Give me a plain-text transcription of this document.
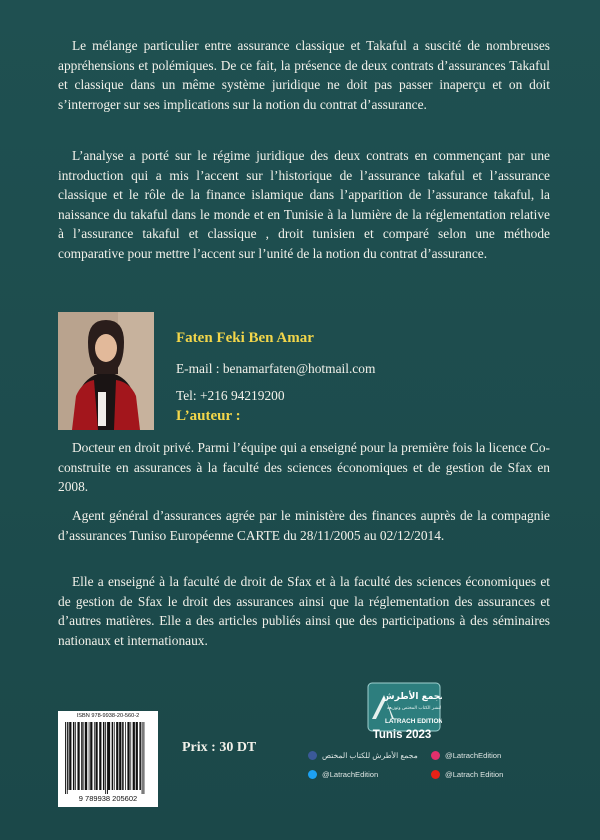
Le mélange particulier entre assurance classique et Takaful a suscité de nombreuses appréhensions et polémiques. De ce fait, la présence de deux contrats d’assurances Takaful et classique dans un même système juridique ne doit pas passer inaperçu et on doit s’interroger sur ses implications sur la notion du contrat d’assurance.

L’analyse a porté sur le régime juridique des deux contrats en commençant par une introduction qui a mis l’accent sur l’historique de l’assurance takaful et l’assurance classique et le rôle de la finance islamique dans l’apparition de l’assurance takaful, la naissance du takaful dans le monde et en Tunisie à la lumière de la réglementation relative à l’assurance takaful et classique , droit tunisien et comparé selon une méthode comparative pour mettre l’accent sur l’unité de la notion du contrat d’assurance.

Faten Feki Ben Amar
E-mail : benamarfaten@hotmail.com
Tel: +216 94219200
L’auteur :

Docteur en droit privé. Parmi l’équipe qui a enseigné pour la première fois la licence Co-construite en assurances à la faculté des sciences économiques et de gestion de Sfax en 2008.

Agent général d’assurances agrée par le ministère des finances auprès de la compagnie d’assurances Tuniso Européenne CARTE du 28/11/2005 au 02/12/2014.

Elle a enseigné à la faculté de droit de Sfax et à la faculté des sciences économiques et de gestion de Sfax le droit des assurances ainsi que la réglementation des assurances et d’autres matières. Elle a des articles publiés ainsi que des participations à des séminaires nationaux et internationaux.

ISBN 978-9938-20-560-2
9 789938 205602
Prix : 30 DT
مجمع الأطرش
لنشر الكتاب المختص وتوزيعه
LATRACH EDITION
Tunis 2023
مجمع الأطرش للكتاب المختص	@LatrachEdition
@LatrachEdition	@Latrach Edition
